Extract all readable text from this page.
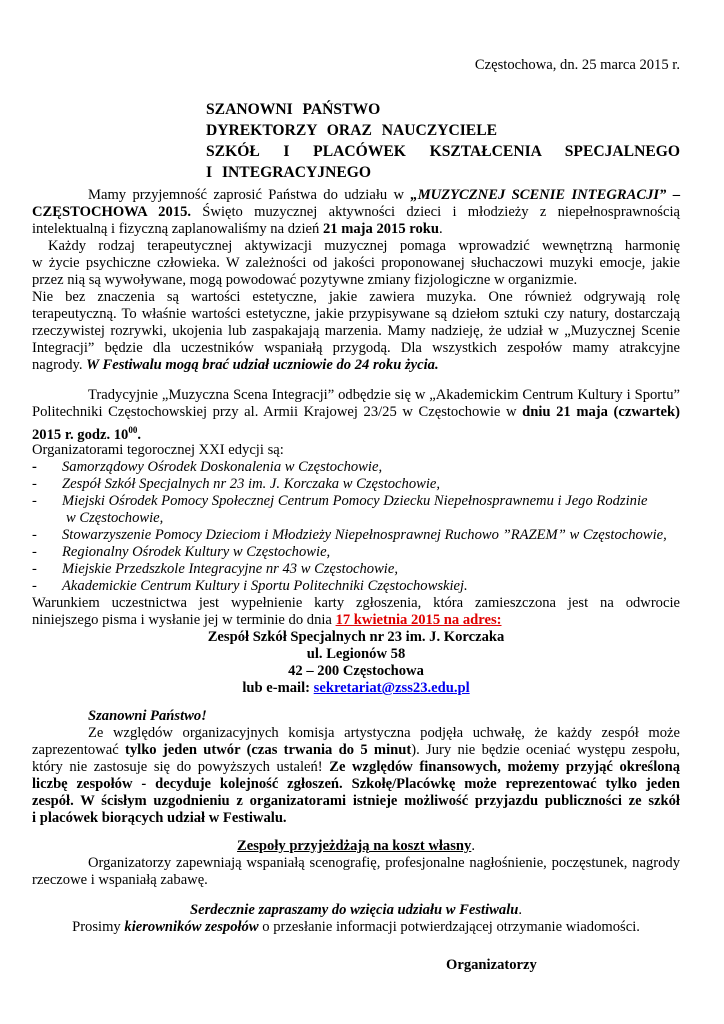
Częstochowa, dn. 25 marca 2015 r.
SZANOWNI PAŃSTWO
DYREKTORZY ORAZ NAUCZYCIELE
SZKÓŁ I PLACÓWEK KSZTAŁCENIA SPECJALNEGO
I INTEGRACYJNEGO
Mamy przyjemność zaprosić Państwa do udziału w „MUZYCZNEJ SCENIE INTEGRACJI” –
CZĘSTOCHOWA 2015. Święto muzycznej aktywności dzieci i młodzieży z niepełnosprawnością
intelektualną i fizyczną zaplanowaliśmy na dzień 21 maja 2015 roku.
Każdy rodzaj terapeutycznej aktywizacji muzycznej pomaga wprowadzić wewnętrzną harmonię
w życie psychiczne człowieka. W zależności od jakości proponowanej słuchaczowi muzyki emocje, jakie
przez nią są wywoływane, mogą powodować pozytywne zmiany fizjologiczne w organizmie.
Nie bez znaczenia są wartości estetyczne, jakie zawiera muzyka. One również odgrywają rolę
terapeutyczną. To właśnie wartości estetyczne, jakie przypisywane są dziełom sztuki czy natury, dostarczają
rzeczywistej rozrywki, ukojenia lub zaspakajają marzenia. Mamy nadzieję, że udział w „Muzycznej Scenie
Integracji” będzie dla uczestników wspaniałą przygodą. Dla wszystkich zespołów mamy atrakcyjne
nagrody. W Festiwalu mogą brać udział uczniowie do 24 roku życia.
Tradycyjnie „Muzyczna Scena Integracji” odbędzie się w „Akademickim Centrum Kultury i Sportu”
Politechniki Częstochowskiej przy al. Armii Krajowej 23/25 w Częstochowie w dniu 21 maja (czwartek)
2015 r. godz. $10^{00}$.
Organizatorami tegorocznej XXI edycji są:
- Samorządowy Ośrodek Doskonalenia w Częstochowie,
- Zespół Szkół Specjalnych nr 23 im. J. Korczaka w Częstochowie,
- Miejski Ośrodek Pomocy Społecznej Centrum Pomocy Dziecku Niepełnosprawnemu i Jego Rodzinie
w Częstochowie,
- Stowarzyszenie Pomocy Dzieciom i Młodzieży Niepełnosprawnej Ruchowo ”RAZEM” w Częstochowie,
- Regionalny Ośrodek Kultury w Częstochowie,
- Miejskie Przedszkole Integracyjne nr 43 w Częstochowie,
- Akademickie Centrum Kultury i Sportu Politechniki Częstochowskiej.
Warunkiem uczestnictwa jest wypełnienie karty zgłoszenia, która zamieszczona jest na odwrocie
niniejszego pisma i wysłanie jej w terminie do dnia 17 kwietnia 2015 na adres:
Zespół Szkół Specjalnych nr 23 im. J. Korczaka
ul. Legionów 58
42 – 200 Częstochowa
lub e-mail: sekretariat@zss23.edu.pl
Szanowni Państwo!
Ze względów organizacyjnych komisja artystyczna podjęła uchwałę, że każdy zespół może
zaprezentować tylko jeden utwór (czas trwania do 5 minut). Jury nie będzie oceniać występu zespołu,
który nie zastosuje się do powyższych ustaleń! Ze względów finansowych, możemy przyjąć określoną
liczbę zespołów - decyduje kolejność zgłoszeń. Szkołę/Placówkę może reprezentować tylko jeden
zespół. W ścisłym uzgodnieniu z organizatorami istnieje możliwość przyjazdu publiczności ze szkół
i placówek biorących udział w Festiwalu.
Zespoły przyjeżdżają na koszt własny.
Organizatorzy zapewniają wspaniałą scenografię, profesjonalne nagłośnienie, poczęstunek, nagrody
rzeczowe i wspaniałą zabawę.
Serdecznie zapraszamy do wzięcia udziału w Festiwalu.
Prosimy kierowników zespołów o przesłanie informacji potwierdzającej otrzymanie wiadomości.
Organizatorzy
